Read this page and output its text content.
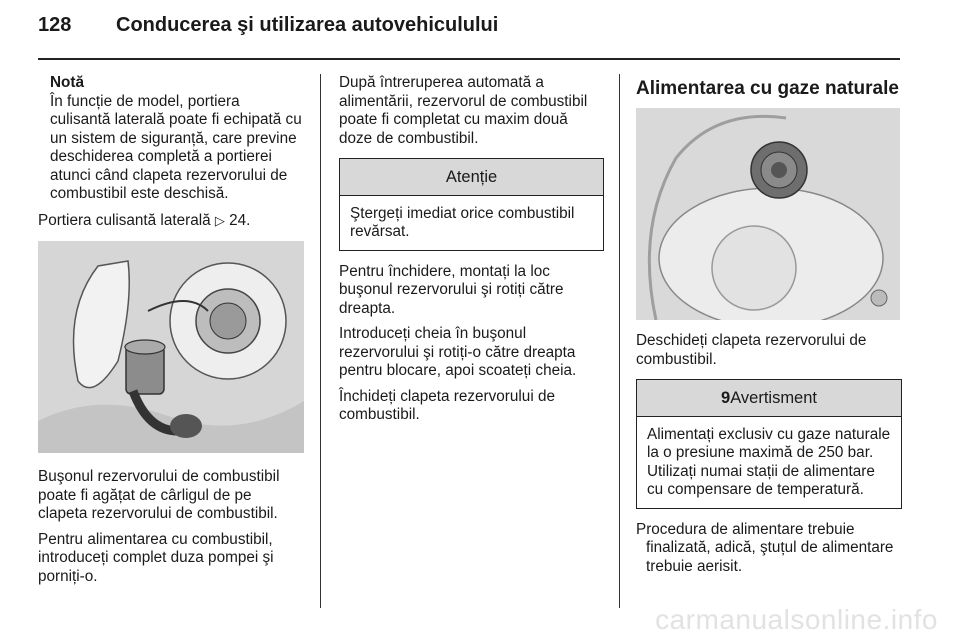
128 Conducerea şi utilizarea autovehiculului
Notă
În funcție de model, portiera culisantă laterală poate fi echipată cu un sistem de siguranță, care previne deschiderea completă a portierei atunci când clapeta rezervorului de combustibil este deschisă.

Portiera culisantă laterală ▷ 24.

Buşonul rezervorului de combustibil poate fi agățat de cârligul de pe clapeta rezervorului de combustibil.

Pentru alimentarea cu combustibil, introduceți complet duza pompei şi porniți-o.

După întreruperea automată a alimentării, rezervorul de combustibil poate fi completat cu maxim două doze de combustibil.

Atenție
Ştergeți imediat orice combustibil revărsat.

Pentru închidere, montați la loc buşonul rezervorului şi rotiți către dreapta.

Introduceți cheia în buşonul rezervorului şi rotiți-o către dreapta pentru blocare, apoi scoateți cheia.

Închideți clapeta rezervorului de combustibil.

Alimentarea cu gaze naturale

Deschideți clapeta rezervorului de combustibil.

9Avertisment
Alimentați exclusiv cu gaze naturale la o presiune maximă de 250 bar. Utilizați numai stații de alimentare cu compensare de temperatură.

Procedura de alimentare trebuie finalizată, adică, ştuțul de alimentare trebuie aerisit.

carmanualsonline.info
